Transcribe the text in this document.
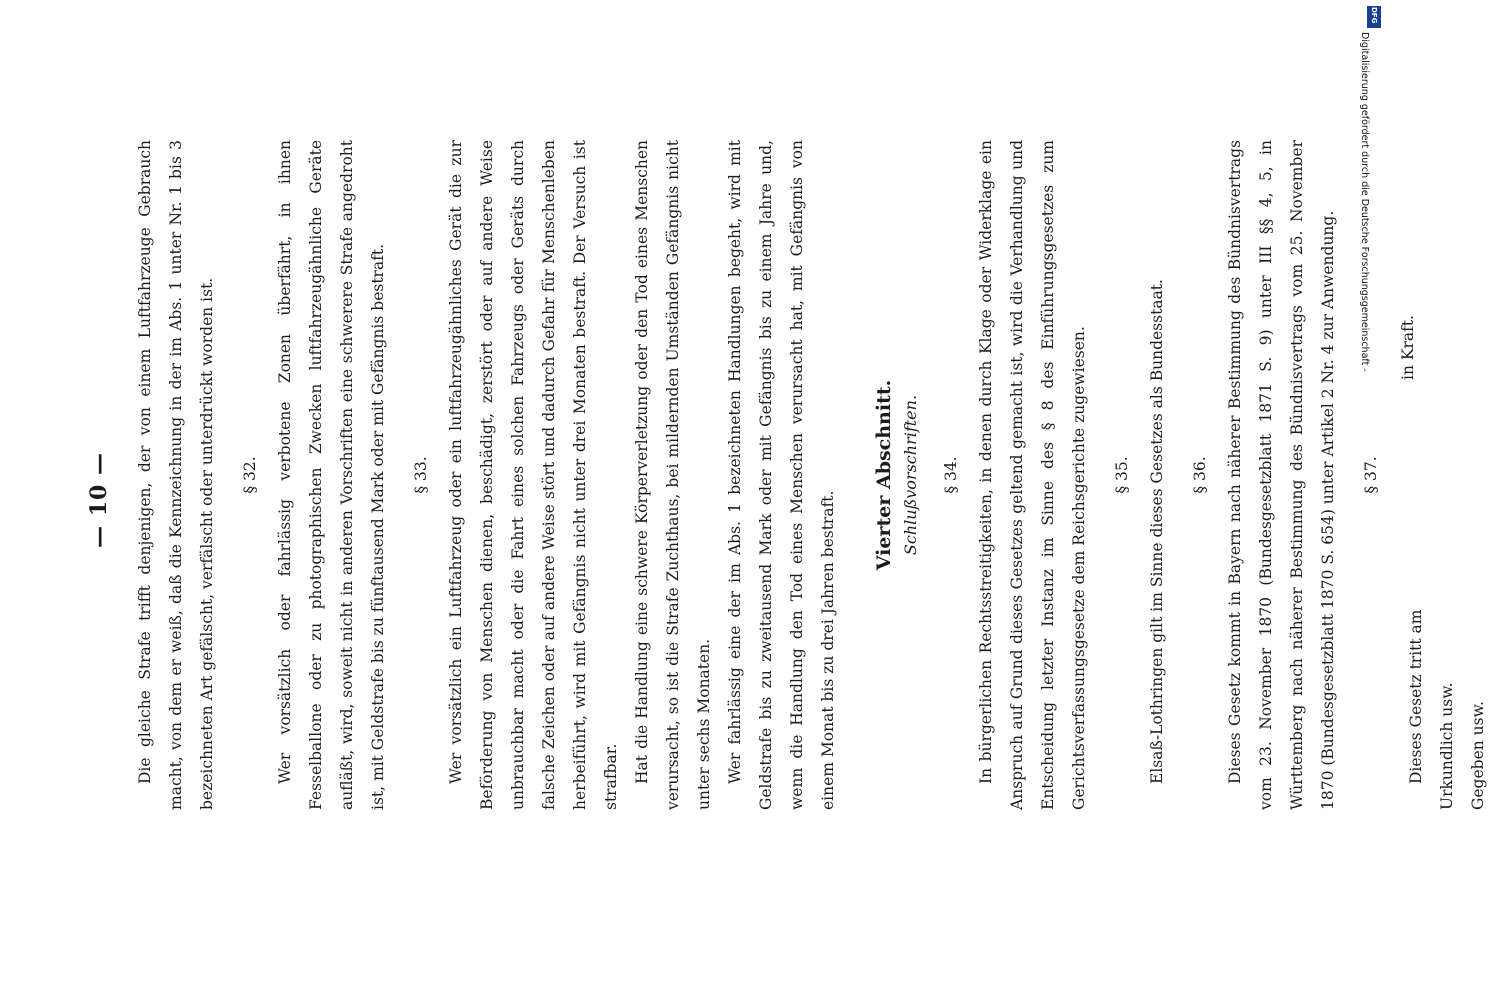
— 10 —	Die gleiche Strafe trifft denjenigen, der von einem Luftfahrzeuge Gebrauch macht, von dem er weiß, daß die Kennzeichnung in der im Abs. 1 unter Nr. 1 bis 3 bezeichneten Art gefälscht, verfälscht oder unterdrückt worden ist.	§ 32.	Wer vorsätzlich oder fahrlässig verbotene Zonen überfährt, in ihnen Fesselballone oder zu photographischen Zwecken luftfahrzeugähnliche Geräte aufläßt, wird, soweit nicht in anderen Vorschriften eine schwerere Strafe angedroht ist, mit Geldstrafe bis zu fünftausend Mark oder mit Gefängnis bestraft.	§ 33.	Wer vorsätzlich ein Luftfahrzeug oder ein luftfahrzeugähnliches Gerät die zur Beförderung von Menschen dienen, beschädigt, zerstört oder auf andere Weise unbrauchbar macht oder die Fahrt eines solchen Fahrzeugs oder Geräts durch falsche Zeichen oder auf andere Weise stört und dadurch Gefahr für Menschenleben herbeiführt, wird mit Gefängnis nicht unter drei Monaten bestraft. Der Versuch ist strafbar. Hat die Handlung eine schwere Körperverletzung oder den Tod eines Menschen verursacht, so ist die Strafe Zuchthaus, bei mildernden Umständen Gefängnis nicht unter sechs Monaten. Wer fahrlässig eine der im Abs. 1 bezeichneten Handlungen begeht, wird mit Geldstrafe bis zu zweitausend Mark oder mit Gefängnis bis zu einem Jahre und, wenn die Handlung den Tod eines Menschen verursacht hat, mit Gefängnis von einem Monat bis zu drei Jahren bestraft.

Vierter Abschnitt. Schlußvorschriften.	§ 34.	In bürgerlichen Rechtsstreitigkeiten, in denen durch Klage oder Widerklage ein Anspruch auf Grund dieses Gesetzes geltend gemacht ist, wird die Verhandlung und Entscheidung letzter Instanz im Sinne des § 8 des Einführungsgesetzes zum Gerichtsverfassungsgesetze dem Reichsgerichte zugewiesen.	§ 35.	Elsaß-Lothringen gilt im Sinne dieses Gesetzes als Bundesstaat.	§ 36.	Dieses Gesetz kommt in Bayern nach näherer Bestimmung des Bündnisvertrags vom 23. November 1870 (Bundesgesetzblatt 1871 S. 9) unter III §§ 4, 5, in Württemberg nach näherer Bestimmung des Bündnisvertrags vom 25. November 1870 (Bundesgesetzblatt 1870 S. 654) unter Artikel 2 Nr. 4 zur Anwendung.	§ 37.
in Kraft.

Dieses Gesetz tritt am Urkundlich usw. Gegeben usw.

DFG
Digitalisierung gefördert durch die Deutsche Forschungsgemeinschaft -
